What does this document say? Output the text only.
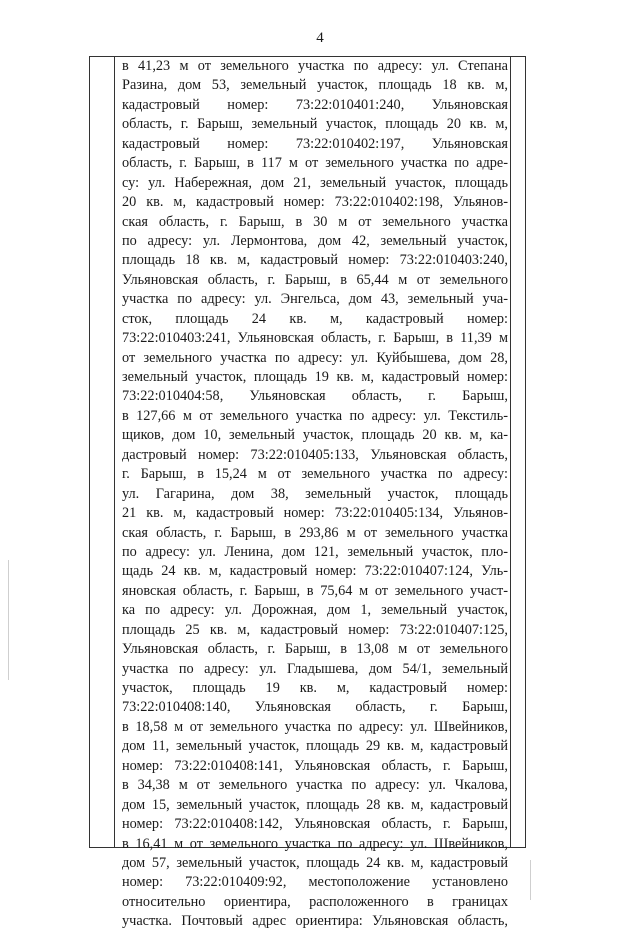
4
в 41,23 м от земельного участка по адресу: ул. Степана
Разина, дом 53, земельный участок, площадь 18 кв. м,
кадастровый номер: 73:22:010401:240, Ульяновская
область, г. Барыш, земельный участок, площадь 20 кв. м,
кадастровый номер: 73:22:010402:197, Ульяновская
область, г. Барыш, в 117 м от земельного участка по адре-
су: ул. Набережная, дом 21, земельный участок, площадь
20 кв. м, кадастровый номер: 73:22:010402:198, Ульянов-
ская область, г. Барыш, в 30 м от земельного участка
по адресу: ул. Лермонтова, дом 42, земельный участок,
площадь 18 кв. м, кадастровый номер: 73:22:010403:240,
Ульяновская область, г. Барыш, в 65,44 м от земельного
участка по адресу: ул. Энгельса, дом 43, земельный уча-
сток, площадь 24 кв. м, кадастровый номер:
73:22:010403:241, Ульяновская область, г. Барыш, в 11,39 м
от земельного участка по адресу: ул. Куйбышева, дом 28,
земельный участок, площадь 19 кв. м, кадастровый номер:
73:22:010404:58, Ульяновская область, г. Барыш,
в 127,66 м от земельного участка по адресу: ул. Текстиль-
щиков, дом 10, земельный участок, площадь 20 кв. м, ка-
дастровый номер: 73:22:010405:133, Ульяновская область,
г. Барыш, в 15,24 м от земельного участка по адресу:
ул. Гагарина, дом 38, земельный участок, площадь
21 кв. м, кадастровый номер: 73:22:010405:134, Ульянов-
ская область, г. Барыш, в 293,86 м от земельного участка
по адресу: ул. Ленина, дом 121, земельный участок, пло-
щадь 24 кв. м, кадастровый номер: 73:22:010407:124, Уль-
яновская область, г. Барыш, в 75,64 м от земельного участ-
ка по адресу: ул. Дорожная, дом 1, земельный участок,
площадь 25 кв. м, кадастровый номер: 73:22:010407:125,
Ульяновская область, г. Барыш, в 13,08 м от земельного
участка по адресу: ул. Гладышева, дом 54/1, земельный
участок, площадь 19 кв. м, кадастровый номер:
73:22:010408:140, Ульяновская область, г. Барыш,
в 18,58 м от земельного участка по адресу: ул. Швейников,
дом 11, земельный участок, площадь 29 кв. м, кадастровый
номер: 73:22:010408:141, Ульяновская область, г. Барыш,
в 34,38 м от земельного участка по адресу: ул. Чкалова,
дом 15, земельный участок, площадь 28 кв. м, кадастровый
номер: 73:22:010408:142, Ульяновская область, г. Барыш,
в 16,41 м от земельного участка по адресу: ул. Швейников,
дом 57, земельный участок, площадь 24 кв. м, кадастровый
номер: 73:22:010409:92, местоположение установлено
относительно ориентира, расположенного в границах
участка. Почтовый адрес ориентира: Ульяновская область,
